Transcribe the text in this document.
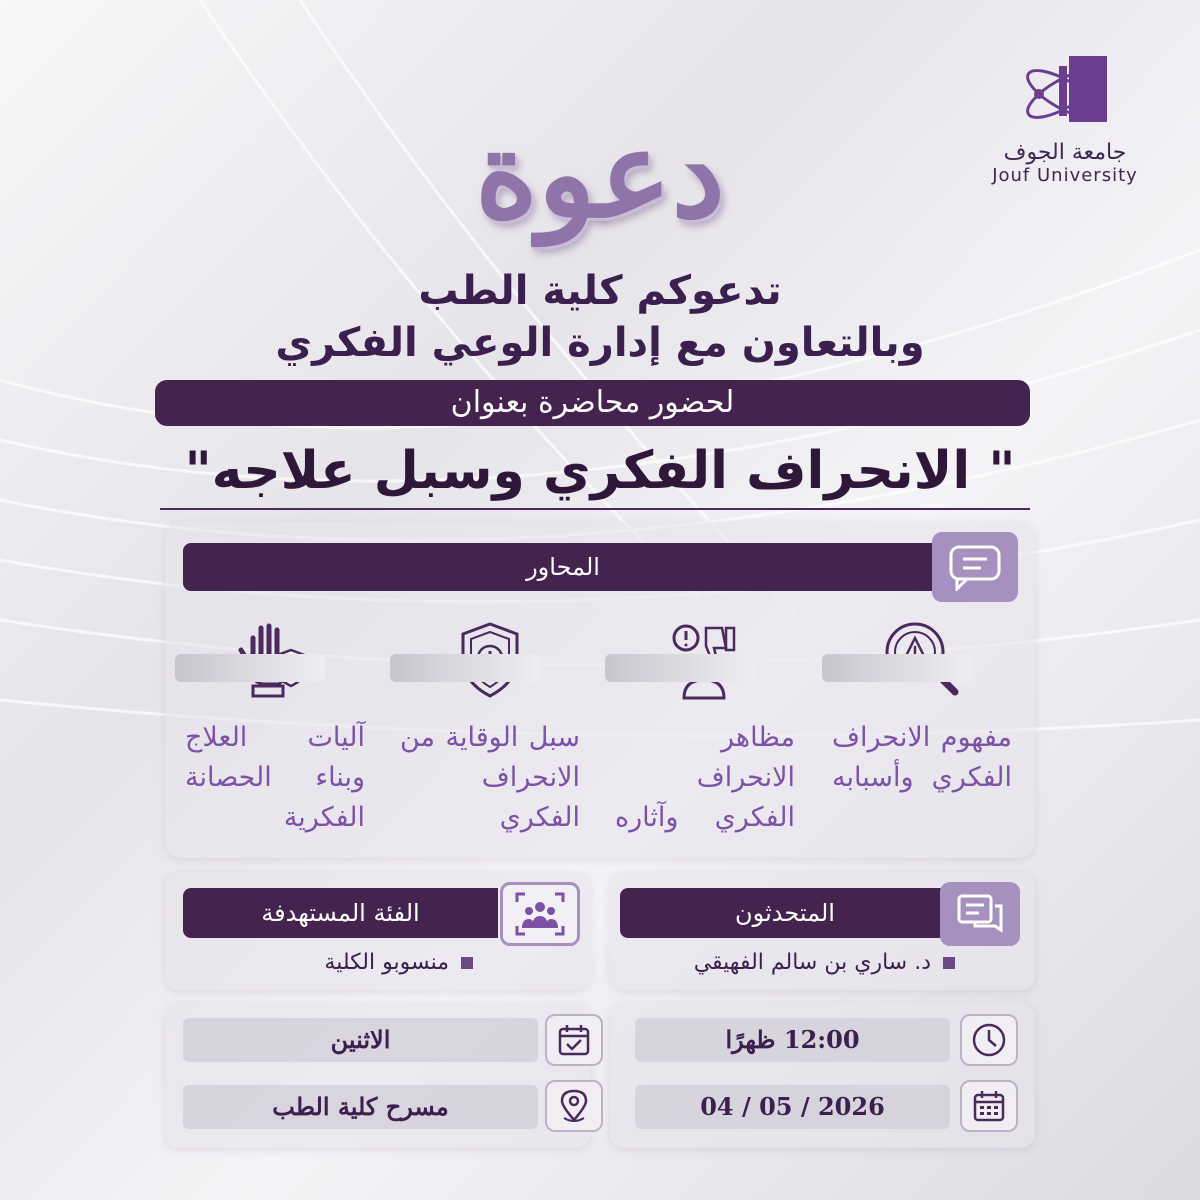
جامعة الجوف
Jouf University
دعوة
تدعوكم كلية الطب
وبالتعاون مع إدارة الوعي الفكري
لحضور محاضرة بعنوان
" الانحراف الفكري وسبل علاجه"
المحاور
مفهوم الانحراف الفكري وأسبابه
مظاهر الانحراف الفكري وآثاره
سبل الوقاية من الانحراف الفكري
آليات العلاج وبناء الحصانة الفكرية
المتحدثون
د. ساري بن سالم الفهيقي
الفئة المستهدفة
منسوبو الكلية
12:00 ظهرًا
2026 / 05 / 04
الاثنين
مسرح كلية الطب
